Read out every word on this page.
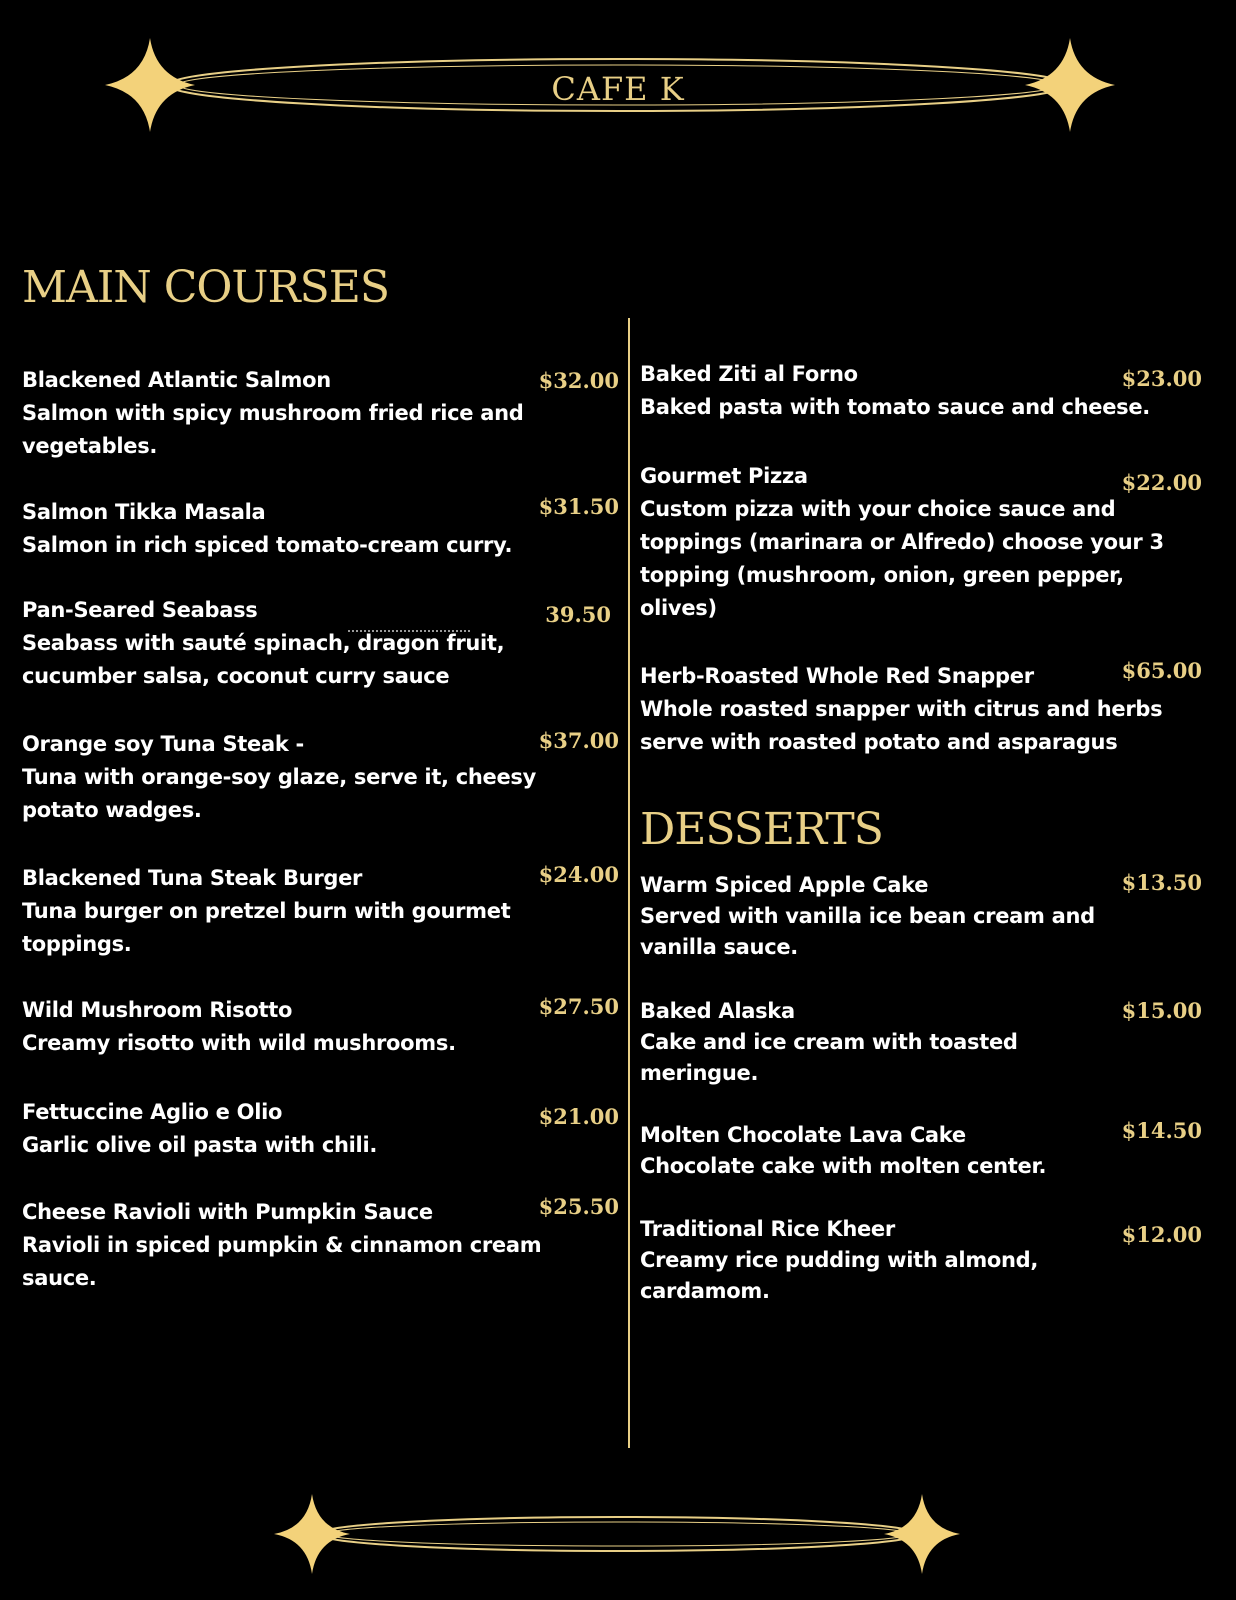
CAFE K
MAIN COURSES
Blackened Atlantic Salmon
Salmon with spicy mushroom fried rice and vegetables.
$32.00
Salmon Tikka Masala
Salmon in rich spiced tomato-cream curry.
$31.50
Pan-Seared Seabass
Seabass with sauté spinach, dragon fruit, cucumber salsa, coconut curry sauce
39.50
Orange soy Tuna Steak -
Tuna with orange-soy glaze, serve it, cheesy potato wadges.
$37.00
Blackened Tuna Steak Burger
Tuna burger on pretzel burn with gourmet toppings.
$24.00
Wild Mushroom Risotto
Creamy risotto with wild mushrooms.
$27.50
Fettuccine Aglio e Olio
Garlic olive oil pasta with chili.
$21.00
Cheese Ravioli with Pumpkin Sauce
Ravioli in spiced pumpkin & cinnamon cream sauce.
$25.50
Baked Ziti al Forno
Baked pasta with tomato sauce and cheese.
$23.00
Gourmet Pizza
Custom pizza with your choice sauce and toppings (marinara or Alfredo) choose your 3 topping (mushroom, onion, green pepper, olives)
$22.00
Herb-Roasted Whole Red Snapper
Whole roasted snapper with citrus and herbs serve with roasted potato and asparagus
$65.00
DESSERTS
Warm Spiced Apple Cake
Served with vanilla ice bean cream and vanilla sauce.
$13.50
Baked Alaska
Cake and ice cream with toasted meringue.
$15.00
Molten Chocolate Lava Cake
Chocolate cake with molten center.
$14.50
Traditional Rice Kheer
Creamy rice pudding with almond, cardamom.
$12.00
